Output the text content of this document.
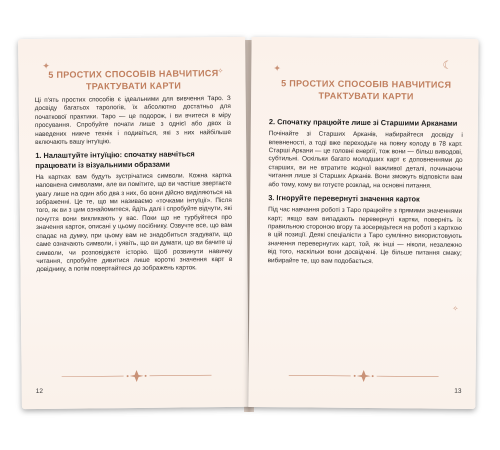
✦
✧
5 ПРОСТИХ СПОСОБІВ НАВЧИТИСЯ ТРАКТУВАТИ КАРТИ

Ці п'ять простих способів є ідеальними для вивчення Таро. З досвіду багатьох тарологів, їх абсолютно достатньо для початкової практики. Таро — це подорож, і ви вчитеся в міру просування. Спробуйте почати лише з однієї або двох із наведених нижче технік і подивіться, які з них найбільше включають вашу інтуїцію.

1. Налаштуйте інтуїцію: спочатку навчіться працювати із візуальними образами

На картках вам будуть зустрічатися символи. Кожна картка наповнена символами, але ви помітите, що ви частіше звертаєте увагу лише на один або два з них, бо вони дійсно виділяються на зображенні. Це те, що ми називаємо «точками інтуїції». Після того, як ви з цим ознайомитеся, йдіть далі і спробуйте відчути, які почуття вони викликають у вас. Поки що не турбуйтеся про значення карток, описані у цьому посібнику. Озвучте все, що вам спадає на думку, при цьому вам не знадобиться згадувати, що саме означають символи, і уявіть, що ви думати, що ви бачите ці символи, чи розповідаєте історію. Щоб розвинути навичку читання, спробуйте дивитися лише короткі значення карт в довіднику, а потім повертайтеся до зображень карток.

12
✦	☾
5 ПРОСТИХ СПОСОБІВ НАВЧИТИСЯ ТРАКТУВАТИ КАРТИ
2. Спочатку працюйте лише зі Старшими Арканами

Почінайте зі Старших Арканів, набирайтеся досвіду і впевненості, а тоді вже переходьте на повну колоду в 78 карт. Старші Аркани — це головні енергії, тож вони — більш виводові, субтильні. Оскільки багато молодших карт є доповненнями до старших, ви не втратите жодної важливої деталі, починаючи читання лише зі Старших Арканів. Вони зможуть відповісти вам або тому, кому ви готуєте розклад, на основні питання.

3. Ігноруйте перевернуті значення карток

Під час навчання роботі з Таро працюйте з прямими значеннями карт; якщо вам випадають перевернуті картки, поверніть їх правильною стороною вгору та зосередьтеся на роботі з карткою в цій позиції. Деякі спеціалісти з Таро сумлінно використовують значення перевернутих карт, той, як інші — ніколи, незалежно від того, наскільки вони досвідчені. Це більше питання смаку; вибирайте те, що вам подобається.

✧
13
